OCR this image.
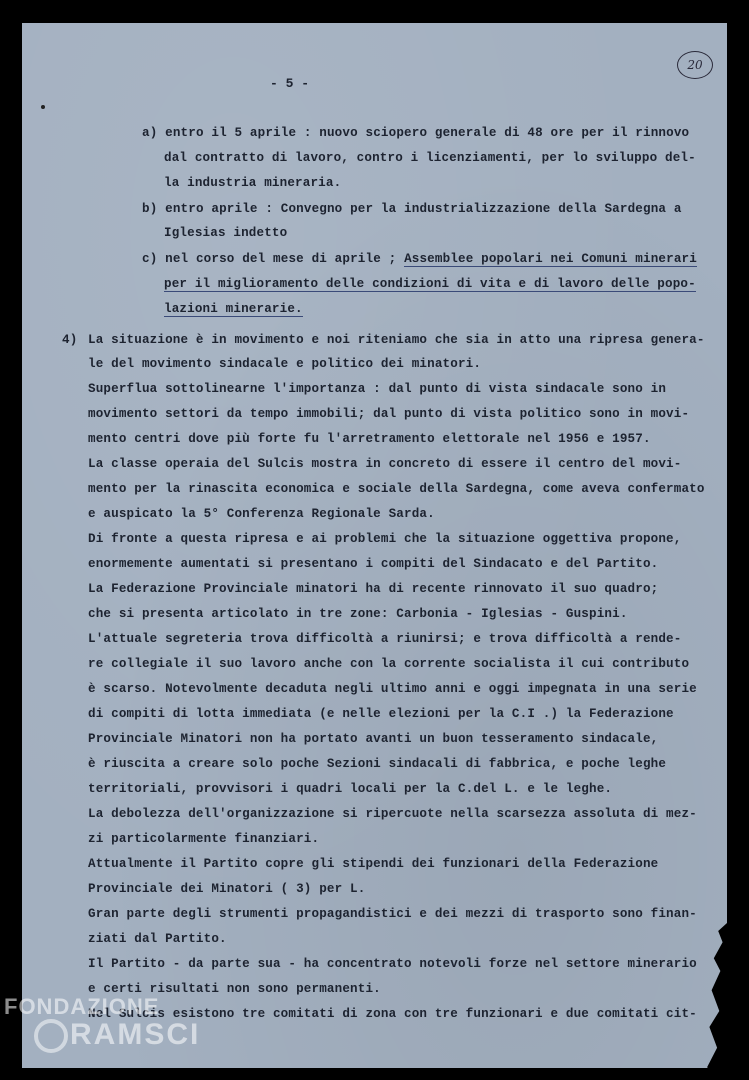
20
- 5 -
a) entro il 5 aprile : nuovo sciopero generale di 48 ore per il rinnovo
dal contratto di lavoro, contro i licenziamenti, per lo sviluppo del-
la industria mineraria.
b) entro aprile : Convegno per la industrializzazione della Sardegna a
Iglesias indetto
c) nel corso del mese di aprile ; Assemblee popolari nei Comuni minerari
per il miglioramento delle condizioni di vita e di lavoro delle popo-
lazioni minerarie.
4) La situazione è in movimento e noi riteniamo che sia in atto una ripresa genera-
le del movimento sindacale e politico dei minatori.
Superflua sottolinearne l'importanza : dal punto di vista sindacale sono in
movimento settori da tempo immobili; dal punto di vista politico sono in movi-
mento centri dove più forte fu l'arretramento elettorale nel 1956 e 1957.
La classe operaia del Sulcis mostra in concreto di essere il centro del movi-
mento per la rinascita economica e sociale della Sardegna, come aveva confermato
e auspicato la 5° Conferenza Regionale Sarda.
Di fronte a questa ripresa e ai problemi che la situazione oggettiva propone,
enormemente aumentati si presentano i compiti del Sindacato e del Partito.
La Federazione Provinciale minatori ha di recente rinnovato il suo quadro;
che si presenta articolato in tre zone: Carbonia - Iglesias - Guspini.
L'attuale segreteria trova difficoltà a riunirsi; e trova difficoltà a rende-
re collegiale il suo lavoro anche con la corrente socialista il cui contributo
è scarso. Notevolmente decaduta negli ultimo anni e oggi impegnata in una serie
di compiti di lotta immediata (e nelle elezioni per la C.I .) la Federazione
Provinciale Minatori non ha portato avanti un buon tesseramento sindacale,
è riuscita a creare solo poche Sezioni sindacali di fabbrica, e poche leghe
territoriali, provvisori i quadri locali per la C.del L. e le leghe.
La debolezza dell'organizzazione si ripercuote nella scarsezza assoluta di mez-
zi particolarmente finanziari.
Attualmente il Partito copre gli stipendi dei funzionari della Federazione
Provinciale dei Minatori ( 3) per L.
Gran parte degli strumenti propagandistici e dei mezzi di trasporto sono finan-
ziati dal Partito.
Il Partito - da parte sua - ha concentrato notevoli forze nel settore minerario
e certi risultati non sono permanenti.
Nel Sulcis esistono tre comitati di zona con tre funzionari e due comitati cit-
FONDAZIONE
RAMSCI
